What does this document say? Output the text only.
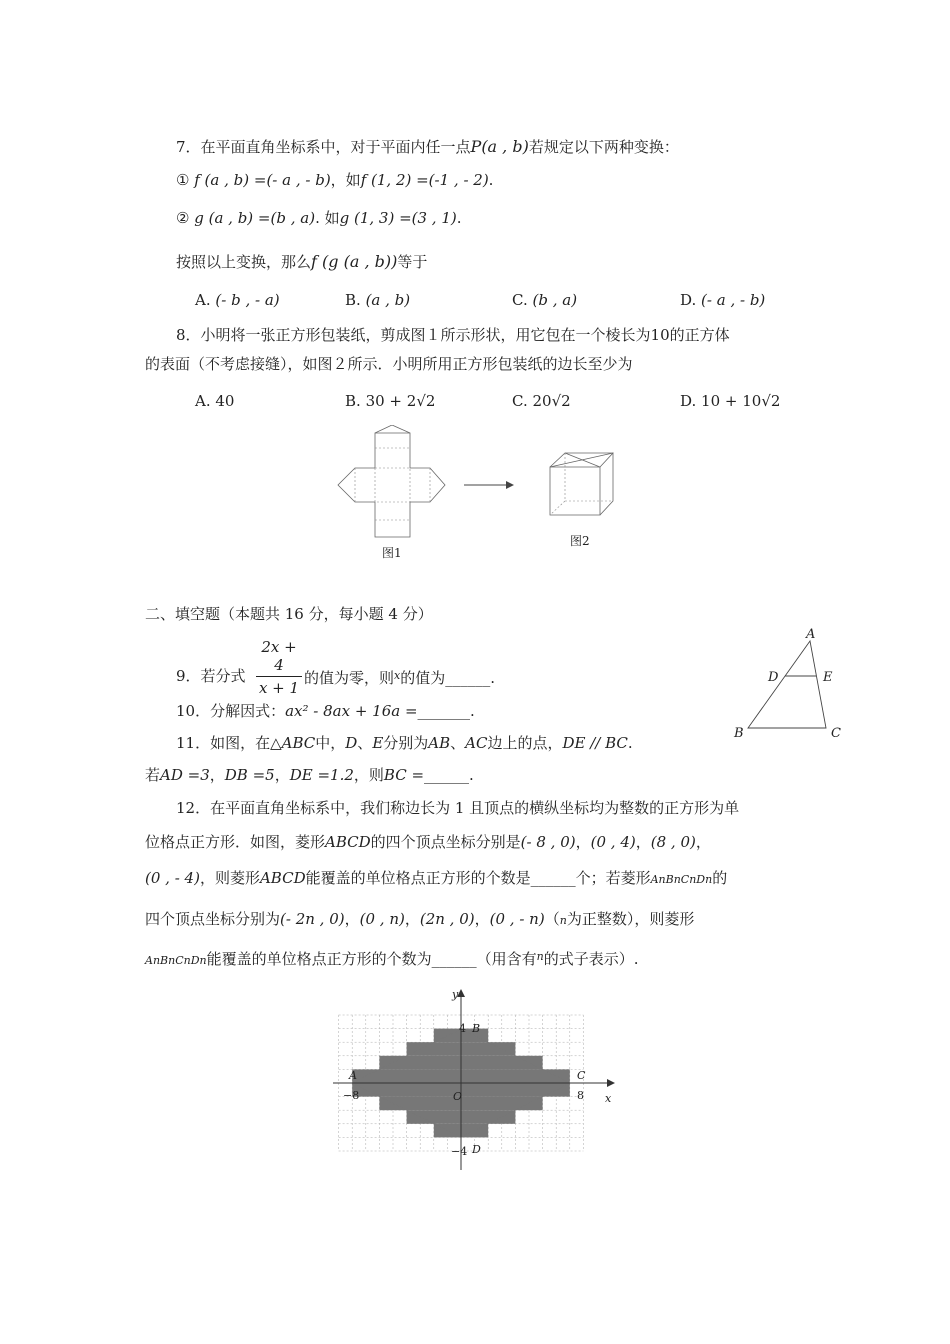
7．在平面直角坐标系中，对于平面内任一点P(a , b)若规定以下两种变换：
① f (a , b) =(- a , - b)，如f (1, 2) =(-1 , - 2).
② g (a , b) =(b , a). 如g (1, 3) =(3 , 1).
按照以上变换，那么f (g (a , b))等于
A. (- b , - a)	B. (a , b)	C. (b , a)	D. (- a , - b)
8．小明将一张正方形包装纸，剪成图１所示形状，用它包在一个棱长为10的正方体
的表面（不考虑接缝），如图２所示．小明所用正方形包装纸的边长至少为
A. 40	B. 30 + 2√2	C. 20√2	D. 10 + 10√2
图1
图2
二、填空题（本题共 16 分，每小题 4 分）
9．若分式
2x + 4
x + 1
的值为零，则$^x$的值为______.
10．分解因式：ax² - 8ax + 16a =_______.
11．如图，在△ABC中，D、E分别为AB、AC边上的点，DE // BC.
若AD =3，DB =5，DE =1.2，则BC =______.
A
D	E
B	C
12．在平面直角坐标系中，我们称边长为 1 且顶点的横纵坐标均为整数的正方形为单
位格点正方形．如图，菱形ABCD的四个顶点坐标分别是(- 8 , 0)，(0 , 4)，(8 , 0)，
(0 , - 4)，则菱形ABCD能覆盖的单位格点正方形的个数是______个；若菱形AnBnCnDn的
四个顶点坐标分别为(- 2n , 0)，(0 , n)，(2n , 0)，(0 , - n)（n为正整数），则菱形
AnBnCnDn能覆盖的单位格点正方形的个数为______（用含有$^n$的式子表示）.
y
x
O
A
B
C
D
4
−4
−8	8
